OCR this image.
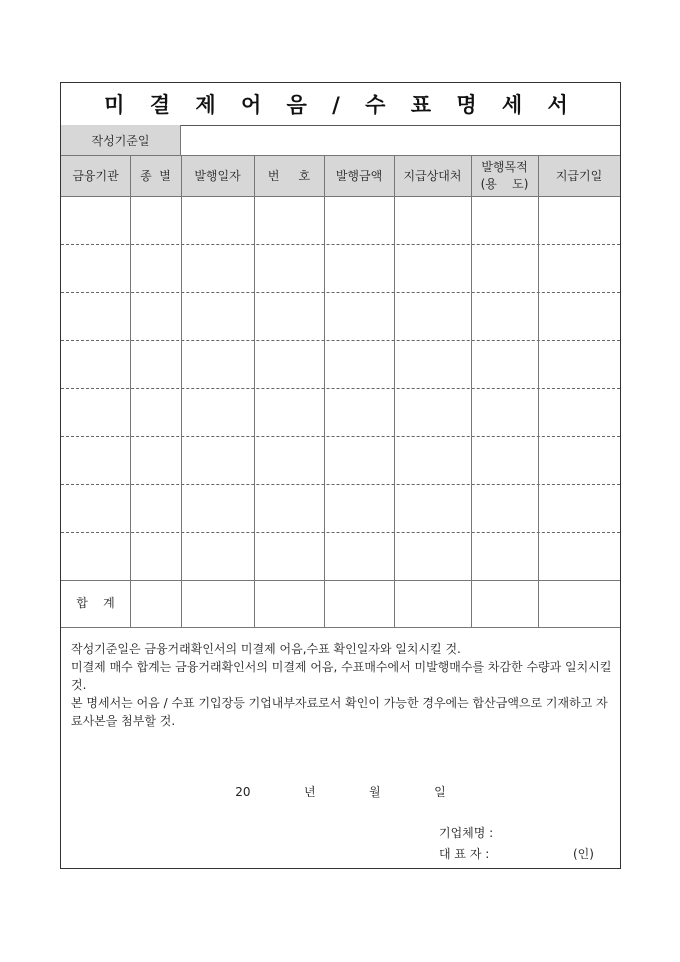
미 결 제 어 음 / 수 표 명 세 서
작성기준일
금융기관 종  별 발행일자 번     호 발행금액 지급상대처
발행목적
(용    도)
지급기일
합    계

작성기준일은 금융거래확인서의 미결제 어음,수표 확인일자와 일치시킬 것.

미결제 매수 합계는 금융거래확인서의 미결제 어음, 수표매수에서 미발행매수를 차감한 수량과 일치시킬 것.

본 명세서는 어음 / 수표 기입장등 기업내부자료로서 확인이 가능한 경우에는 합산금액으로 기재하고 자료사본을 첨부할 것.

20   년   월   일
기업체명 :
대 표 자 :	(인)
